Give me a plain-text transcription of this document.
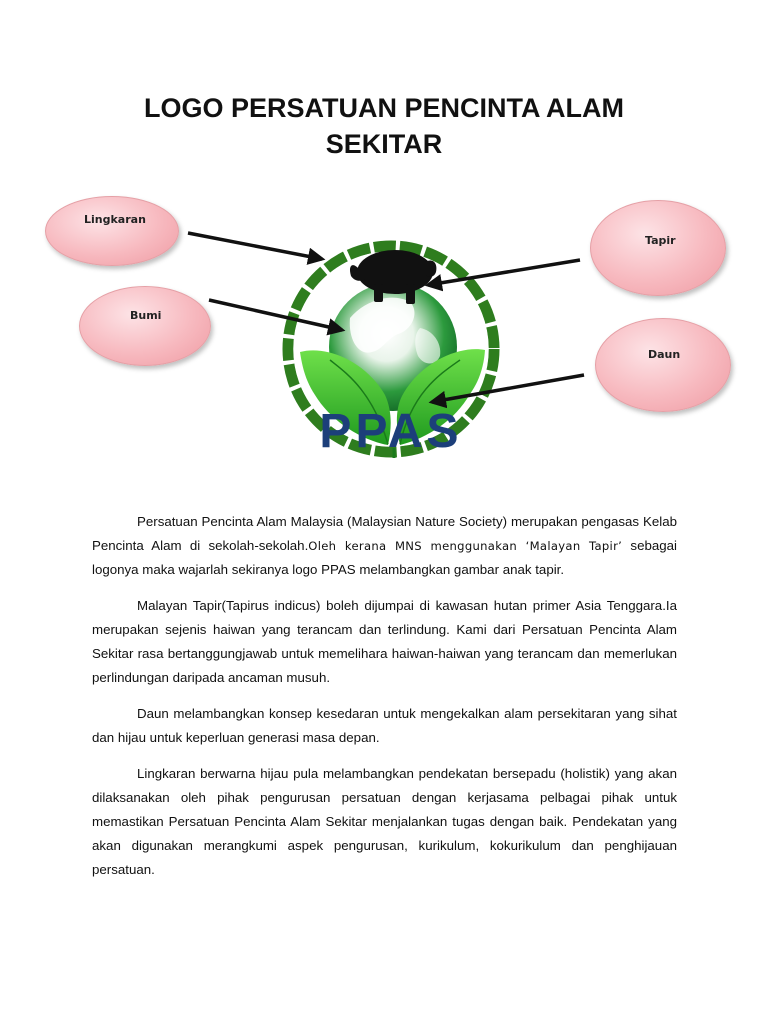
LOGO PERSATUAN PENCINTA ALAM
SEKITAR
PPAS
Lingkaran
Tapir
Bumi
Daun

Persatuan Pencinta Alam Malaysia (Malaysian Nature Society) merupakan pengasas Kelab Pencinta Alam di sekolah-sekolah.Oleh kerana MNS menggunakan ‘Malayan Tapir’ sebagai logonya maka wajarlah sekiranya logo PPAS melambangkan gambar anak tapir.

Malayan Tapir(Tapirus indicus) boleh dijumpai di kawasan hutan primer Asia Tenggara.Ia merupakan sejenis haiwan yang terancam dan terlindung. Kami dari Persatuan Pencinta Alam Sekitar rasa bertanggungjawab untuk memelihara haiwan-haiwan yang terancam dan memerlukan perlindungan daripada ancaman musuh.

Daun melambangkan konsep kesedaran untuk mengekalkan alam persekitaran yang sihat dan hijau untuk keperluan generasi masa depan.

Lingkaran berwarna hijau pula melambangkan pendekatan bersepadu (holistik) yang akan dilaksanakan oleh pihak pengurusan persatuan dengan kerjasama pelbagai pihak untuk memastikan Persatuan Pencinta Alam Sekitar menjalankan tugas dengan baik. Pendekatan yang akan digunakan merangkumi aspek pengurusan, kurikulum, kokurikulum dan penghijauan persatuan.
